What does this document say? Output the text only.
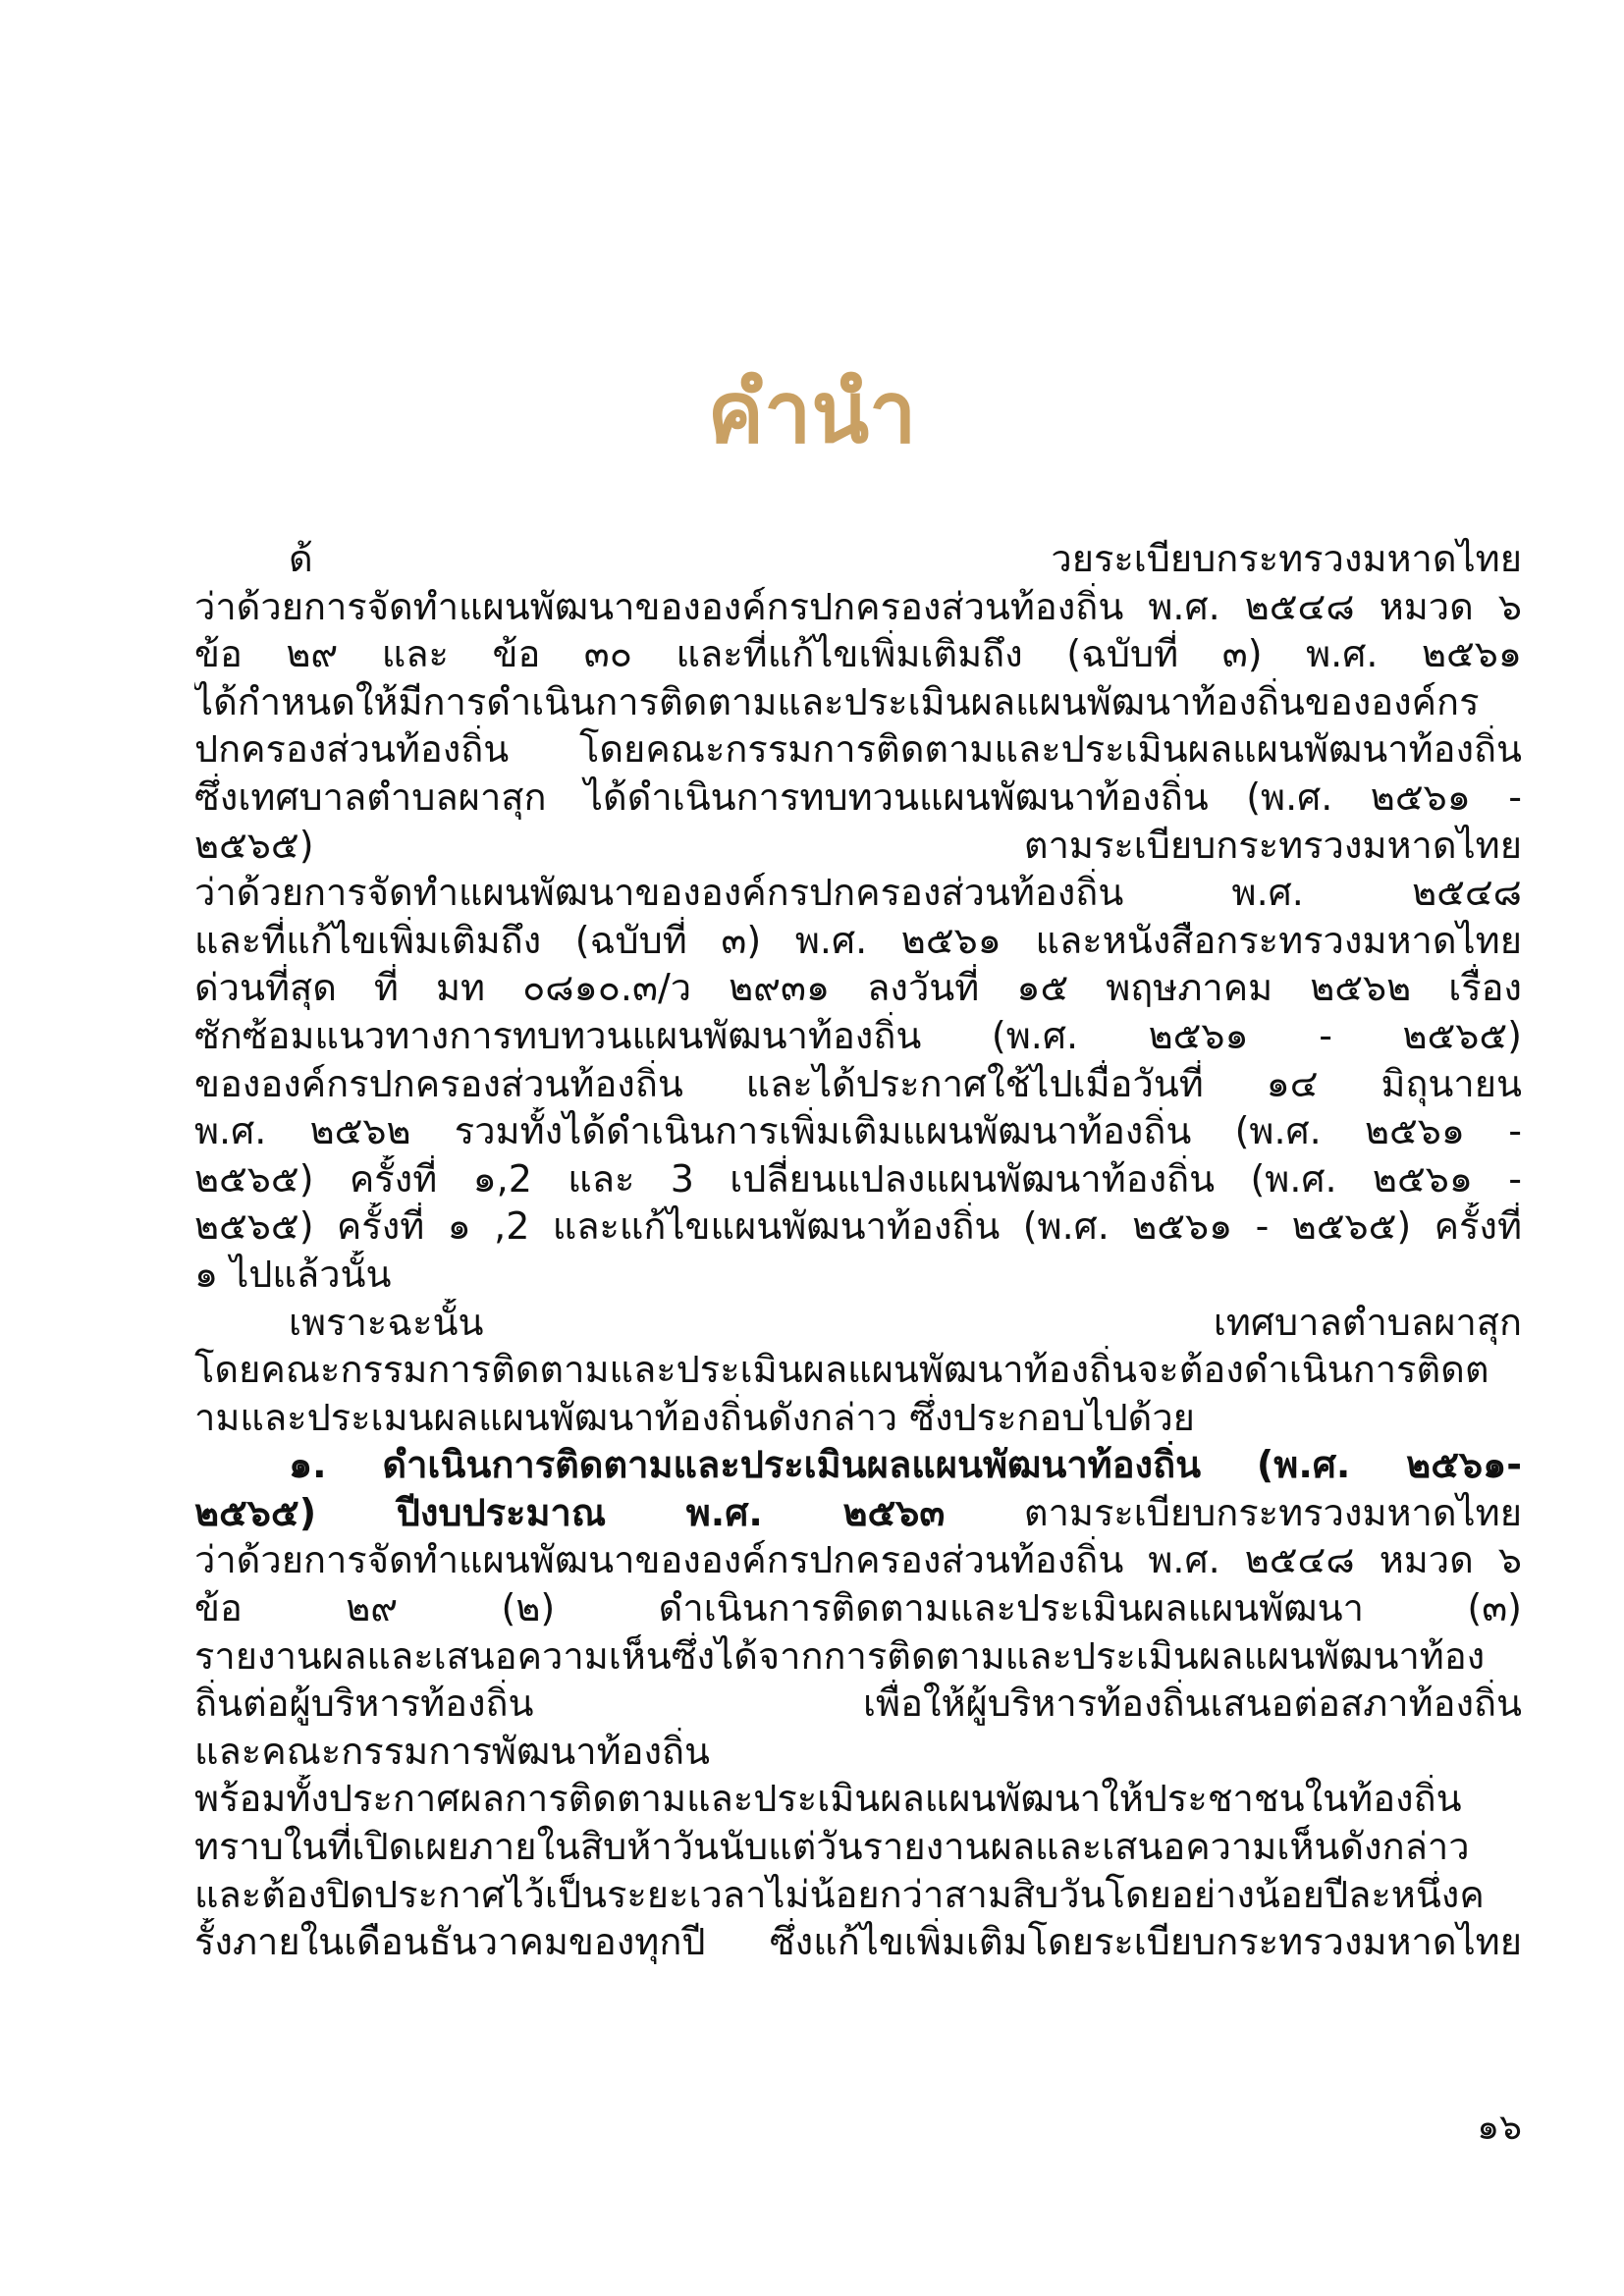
คำนำ
ด้ วยระเบียบกระทรวงมหาดไทย
ว่าด้วยการจัดทำแผนพัฒนาขององค์กรปกครองส่วนท้องถิ่น พ.ศ. ๒๕๔๘ หมวด ๖
ข้อ ๒๙ และ ข้อ ๓๐ และที่แก้ไขเพิ่มเติมถึง (ฉบับที่ ๓) พ.ศ. ๒๕๖๑
ได้กำหนดให้มีการดำเนินการติดตามและประเมินผลแผนพัฒนาท้องถิ่นขององค์กร
ปกครองส่วนท้องถิ่น โดยคณะกรรมการติดตามและประเมินผลแผนพัฒนาท้องถิ่น
ซึ่งเทศบาลตำบลผาสุก ได้ดำเนินการทบทวนแผนพัฒนาท้องถิ่น (พ.ศ. ๒๕๖๑ -
๒๕๖๕) ตามระเบียบกระทรวงมหาดไทย
ว่าด้วยการจัดทำแผนพัฒนาขององค์กรปกครองส่วนท้องถิ่น พ.ศ. ๒๕๔๘
และที่แก้ไขเพิ่มเติมถึง (ฉบับที่ ๓) พ.ศ. ๒๕๖๑ และหนังสือกระทรวงมหาดไทย
ด่วนที่สุด ที่ มท ๐๘๑๐.๓/ว ๒๙๓๑ ลงวันที่ ๑๕ พฤษภาคม ๒๕๖๒ เรื่อง
ซักซ้อมแนวทางการทบทวนแผนพัฒนาท้องถิ่น (พ.ศ. ๒๕๖๑ - ๒๕๖๕)
ขององค์กรปกครองส่วนท้องถิ่น และได้ประกาศใช้ไปเมื่อวันที่ ๑๔ มิถุนายน
พ.ศ. ๒๕๖๒ รวมทั้งได้ดำเนินการเพิ่มเติมแผนพัฒนาท้องถิ่น (พ.ศ. ๒๕๖๑ -
๒๕๖๕) ครั้งที่ ๑,2 และ 3 เปลี่ยนแปลงแผนพัฒนาท้องถิ่น (พ.ศ. ๒๕๖๑ -
๒๕๖๕) ครั้งที่ ๑ ,2 และแก้ไขแผนพัฒนาท้องถิ่น (พ.ศ. ๒๕๖๑ - ๒๕๖๕) ครั้งที่
๑ ไปแล้วนั้น
เพราะฉะนั้น เทศบาลตำบลผาสุก
โดยคณะกรรมการติดตามและประเมินผลแผนพัฒนาท้องถิ่นจะต้องดำเนินการติดต
ามและประเมนผลแผนพัฒนาท้องถิ่นดังกล่าว ซึ่งประกอบไปด้วย
๑. ดำเนินการติดตามและประเมินผลแผนพัฒนาท้องถิ่น (พ.ศ. ๒๕๖๑-
๒๕๖๕) ปีงบประมาณ พ.ศ. ๒๕๖๓ ตามระเบียบกระทรวงมหาดไทย
ว่าด้วยการจัดทำแผนพัฒนาขององค์กรปกครองส่วนท้องถิ่น พ.ศ. ๒๕๔๘ หมวด ๖
ข้อ ๒๙ (๒) ดำเนินการติดตามและประเมินผลแผนพัฒนา (๓)
รายงานผลและเสนอความเห็นซึ่งได้จากการติดตามและประเมินผลแผนพัฒนาท้อง
ถิ่นต่อผู้บริหารท้องถิ่น เพื่อให้ผู้บริหารท้องถิ่นเสนอต่อสภาท้องถิ่น
และคณะกรรมการพัฒนาท้องถิ่น
พร้อมทั้งประกาศผลการติดตามและประเมินผลแผนพัฒนาให้ประชาชนในท้องถิ่น
ทราบในที่เปิดเผยภายในสิบห้าวันนับแต่วันรายงานผลและเสนอความเห็นดังกล่าว
และต้องปิดประกาศไว้เป็นระยะเวลาไม่น้อยกว่าสามสิบวันโดยอย่างน้อยปีละหนึ่งค
รั้งภายในเดือนธันวาคมของทุกปี ซึ่งแก้ไขเพิ่มเติมโดยระเบียบกระทรวงมหาดไทย
๑๖
